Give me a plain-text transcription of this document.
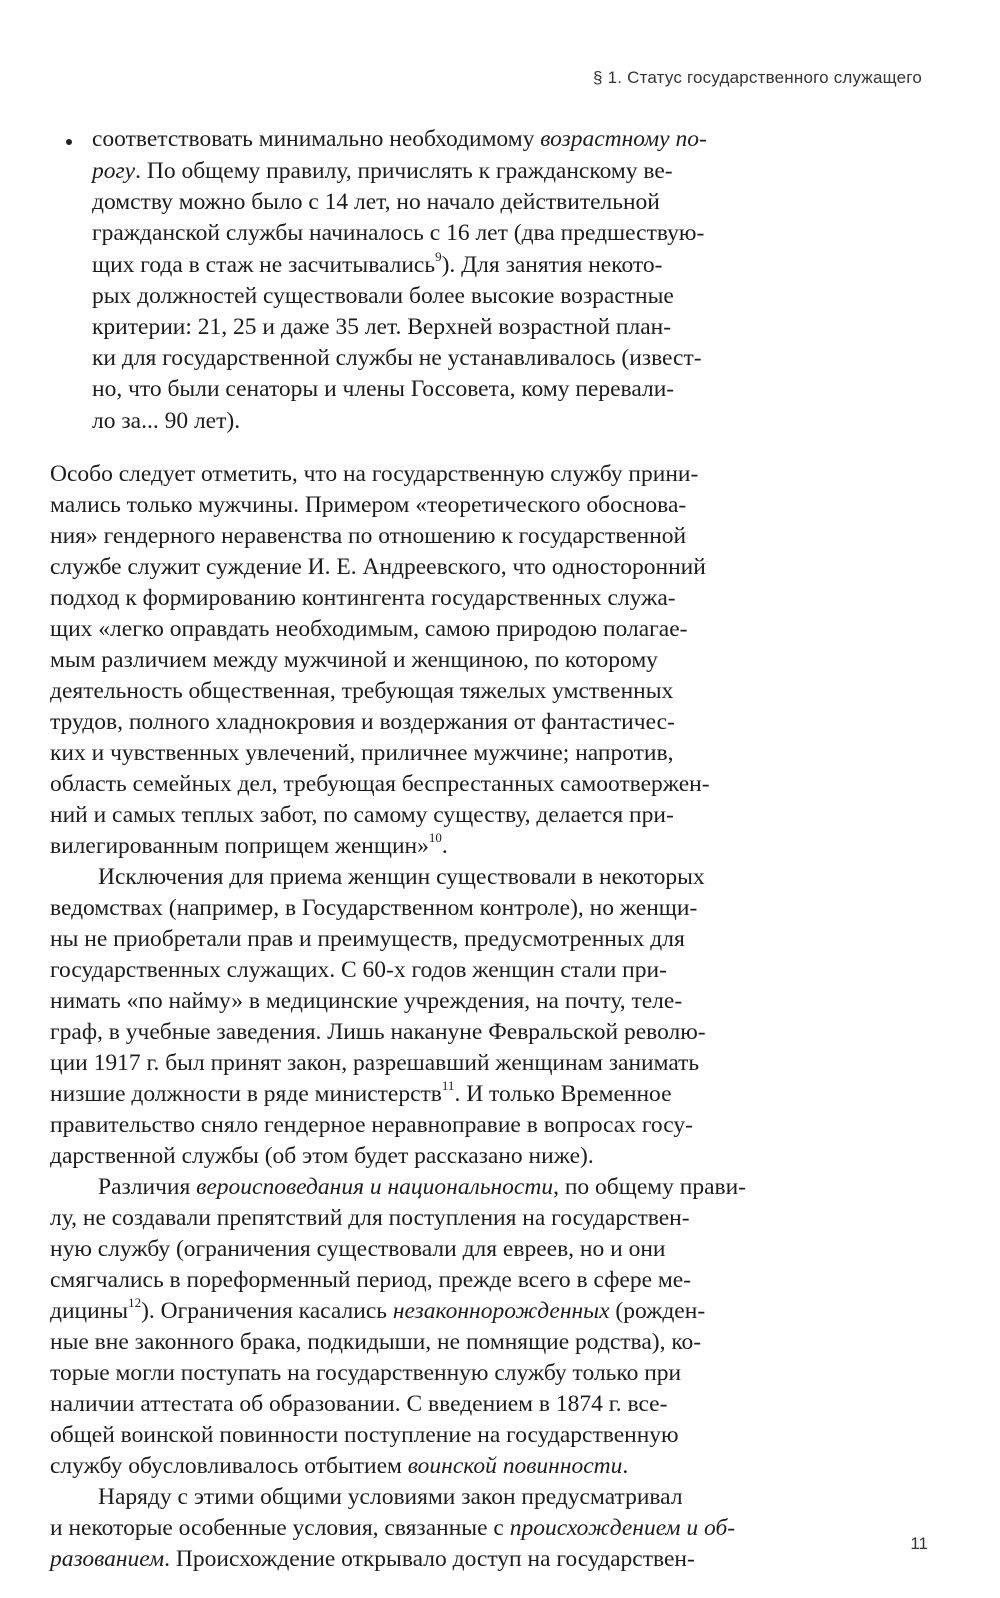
§ 1. Статус государственного служащего
соответствовать минимально необходимому возрастному по-
рогу. По общему правилу, причислять к гражданскому ве-
домству можно было с 14 лет, но начало действительной
гражданской службы начиналось с 16 лет (два предшествую-
щих года в стаж не засчитывались$^9$). Для занятия некото-
рых должностей существовали более высокие возрастные
критерии: 21, 25 и даже 35 лет. Верхней возрастной план-
ки для государственной службы не устанавливалось (извест-
но, что были сенаторы и члены Госсовета, кому перевали-
ло за... 90 лет).
Особо следует отметить, что на государственную службу прини-
мались только мужчины. Примером «теоретического обоснова-
ния» гендерного неравенства по отношению к государственной
службе служит суждение И. Е. Андреевского, что односторонний
подход к формированию контингента государственных служа-
щих «легко оправдать необходимым, самою природою полагае-
мым различием между мужчиной и женщиною, по которому
деятельность общественная, требующая тяжелых умственных
трудов, полного хладнокровия и воздержания от фантастичес-
ких и чувственных увлечений, приличнее мужчине; напротив,
область семейных дел, требующая беспрестанных самоотвержен-
ний и самых теплых забот, по самому существу, делается при-
вилегированным поприщем женщин»$^{10}$.
Исключения для приема женщин существовали в некоторых
ведомствах (например, в Государственном контроле), но женщи-
ны не приобретали прав и преимуществ, предусмотренных для
государственных служащих. С 60-х годов женщин стали при-
нимать «по найму» в медицинские учреждения, на почту, теле-
граф, в учебные заведения. Лишь накануне Февральской револю-
ции 1917 г. был принят закон, разрешавший женщинам занимать
низшие должности в ряде министерств$^{11}$. И только Временное
правительство сняло гендерное неравноправие в вопросах госу-
дарственной службы (об этом будет рассказано ниже).
Различия вероисповедания и национальности, по общему прави-
лу, не создавали препятствий для поступления на государствен-
ную службу (ограничения существовали для евреев, но и они
смягчались в пореформенный период, прежде всего в сфере ме-
дицины$^{12}$). Ограничения касались незаконнорожденных (рожден-
ные вне законного брака, подкидыши, не помнящие родства), ко-
торые могли поступать на государственную службу только при
наличии аттестата об образовании. С введением в 1874 г. все-
общей воинской повинности поступление на государственную
службу обусловливалось отбытием воинской повинности.
Наряду с этими общими условиями закон предусматривал
и некоторые особенные условия, связанные с происхождением и об-
разованием. Происхождение открывало доступ на государствен-
11
